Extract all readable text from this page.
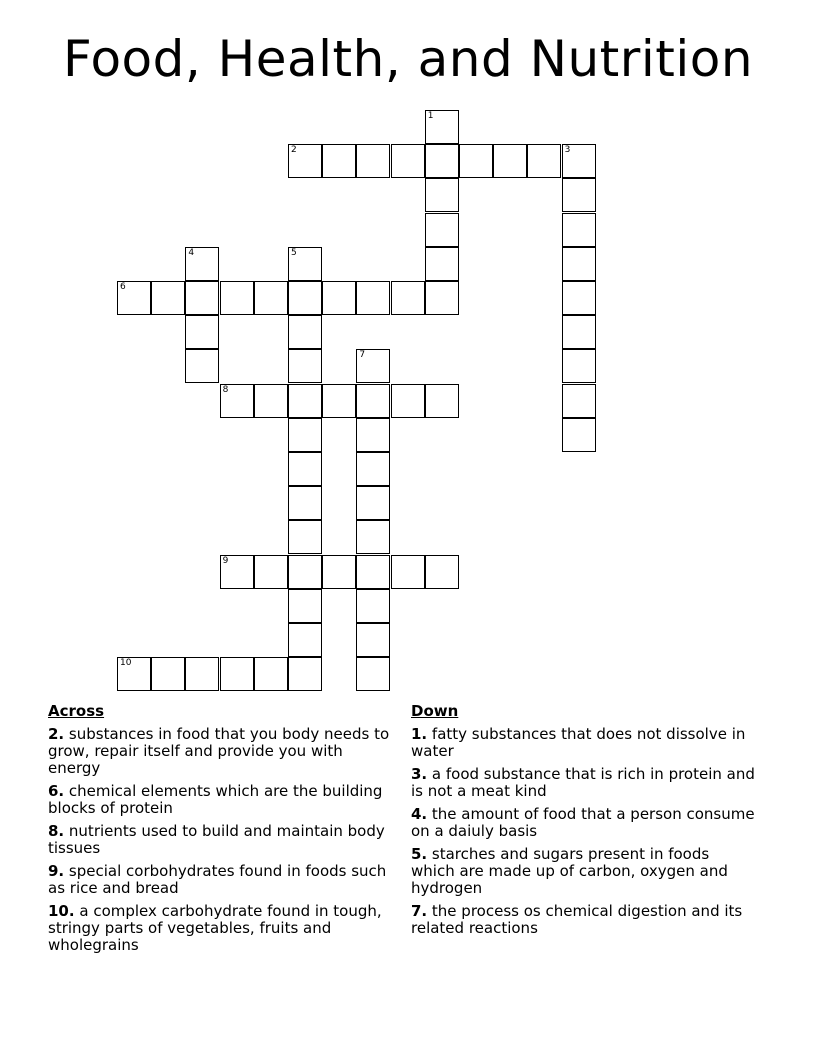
Food, Health, and Nutrition
1
2	3
4	5
6
7
8
9
10
Across
2. substances in food that you body needs to grow, repair itself and provide you with energy
6. chemical elements which are the building blocks of protein
8. nutrients used to build and maintain body tissues
9. special corbohydrates found in foods such as rice and bread
10. a complex carbohydrate found in tough, stringy parts of vegetables, fruits and wholegrains
Down
1. fatty substances that does not dissolve in water
3. a food substance that is rich in protein and is not a meat kind
4. the amount of food that a person consume on a daiuly basis
5. starches and sugars present in foods which are made up of carbon, oxygen and hydrogen
7. the process os chemical digestion and its related reactions
